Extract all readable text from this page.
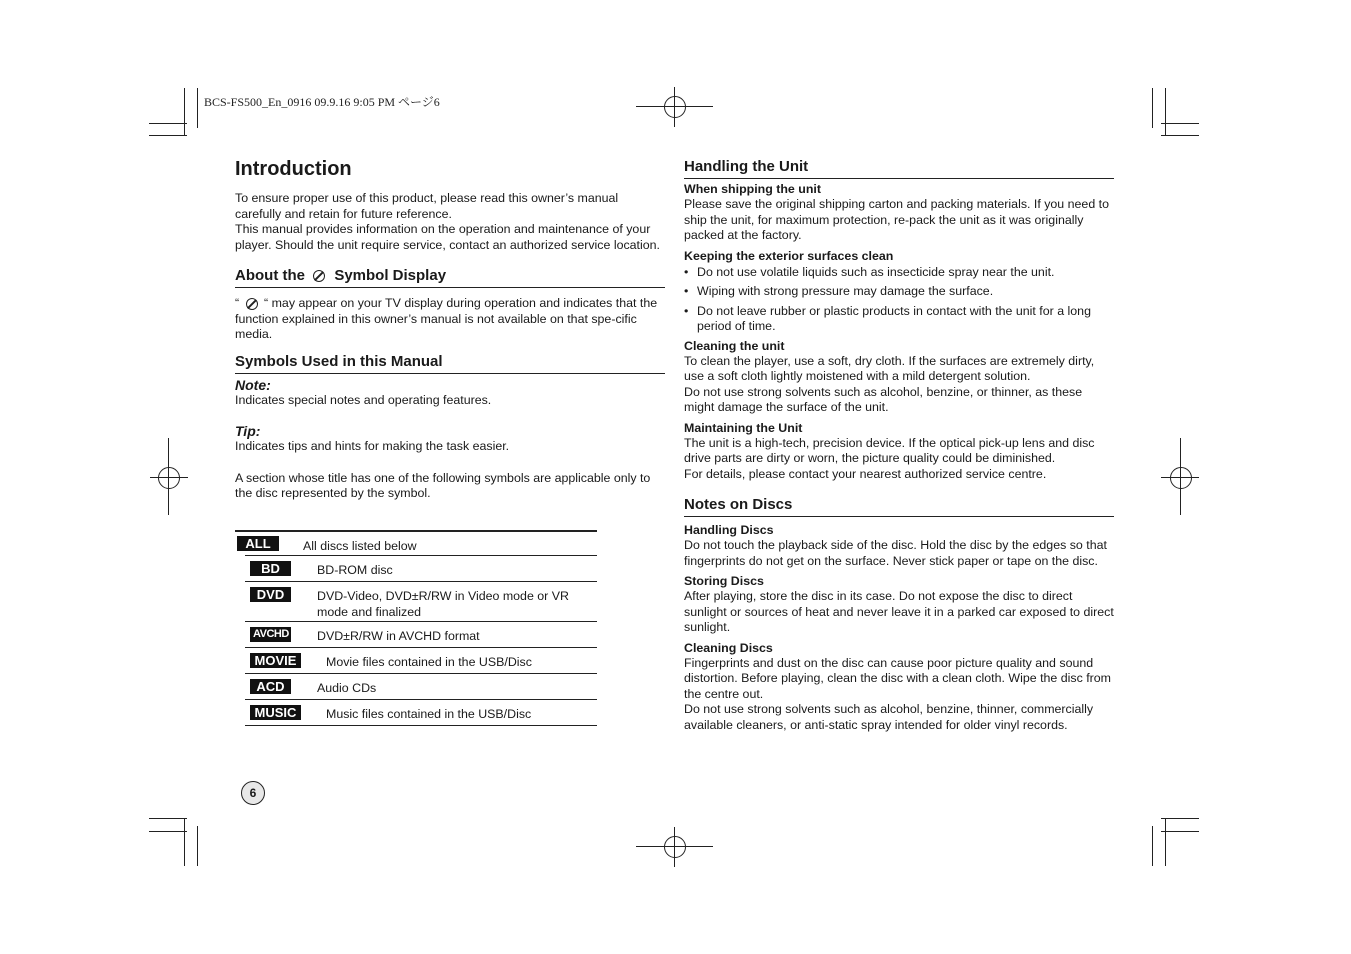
BCS-FS500_En_0916 09.9.16 9:05 PM ページ6
Introduction

To ensure proper use of this product, please read this owner’s manual carefully and retain for future reference.

This manual provides information on the operation and maintenance of your player. Should the unit require service, contact an authorized service location.

About the Symbol Display

“ “ may appear on your TV display during operation and indicates that the function explained in this owner’s manual is not available on that spe-cific media.

Symbols Used in this Manual
Note:

Indicates special notes and operating features.

Tip:

Indicates tips and hints for making the task easier.

A section whose title has one of the following symbols are applicable only to the disc represented by the symbol.

ALL	All discs listed below
BD	BD-ROM disc
DVD	DVD-Video, DVD±R/RW in Video mode or VR mode and finalized
AVCHD DVD±R/RW in AVCHD format
MOVIE	Movie files contained in the USB/Disc
ACD	Audio CDs
MUSIC	Music files contained in the USB/Disc
6
Handling the Unit
When shipping the unit

Please save the original shipping carton and packing materials. If you need to ship the unit, for maximum protection, re-pack the unit as it was originally packed at the factory.

Keeping the exterior surfaces clean
• Do not use volatile liquids such as insecticide spray near the unit.
• Wiping with strong pressure may damage the surface.
• Do not leave rubber or plastic products in contact with the unit for a long period of time.
Cleaning the unit

To clean the player, use a soft, dry cloth. If the surfaces are extremely dirty, use a soft cloth lightly moistened with a mild detergent solution.

Do not use strong solvents such as alcohol, benzine, or thinner, as these might damage the surface of the unit.

Maintaining the Unit

The unit is a high-tech, precision device. If the optical pick-up lens and disc drive parts are dirty or worn, the picture quality could be diminished.

For details, please contact your nearest authorized service centre.

Notes on Discs
Handling Discs

Do not touch the playback side of the disc. Hold the disc by the edges so that fingerprints do not get on the surface. Never stick paper or tape on the disc.

Storing Discs

After playing, store the disc in its case. Do not expose the disc to direct sunlight or sources of heat and never leave it in a parked car exposed to direct sunlight.

Cleaning Discs

Fingerprints and dust on the disc can cause poor picture quality and sound distortion. Before playing, clean the disc with a clean cloth. Wipe the disc from the centre out.

Do not use strong solvents such as alcohol, benzine, thinner, commercially available cleaners, or anti-static spray intended for older vinyl records.
